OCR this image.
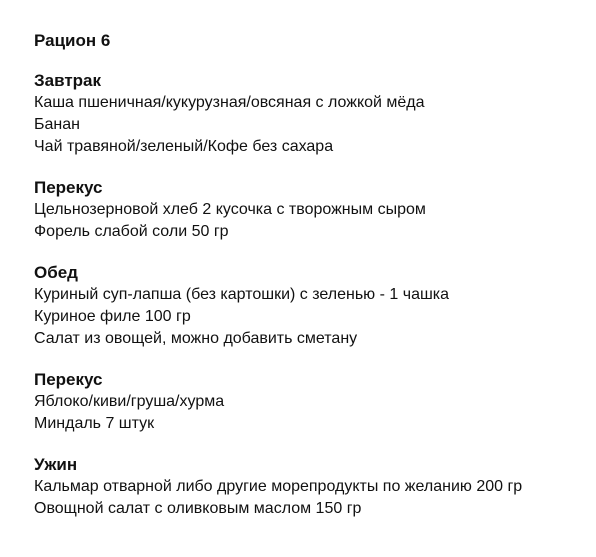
Рацион 6
Завтрак
Каша пшеничная/кукурузная/овсяная с ложкой мёда
Банан
Чай травяной/зеленый/Кофе без сахара
Перекус
Цельнозерновой хлеб 2 кусочка с творожным сыром
Форель слабой соли 50 гр
Обед
Куриный суп-лапша (без картошки) с зеленью - 1 чашка
Куриное филе 100 гр
Салат из овощей, можно добавить сметану
Перекус
Яблоко/киви/груша/хурма
Миндаль 7 штук
Ужин
Кальмар отварной либо другие морепродукты по желанию 200 гр
Овощной салат с оливковым маслом 150 гр
